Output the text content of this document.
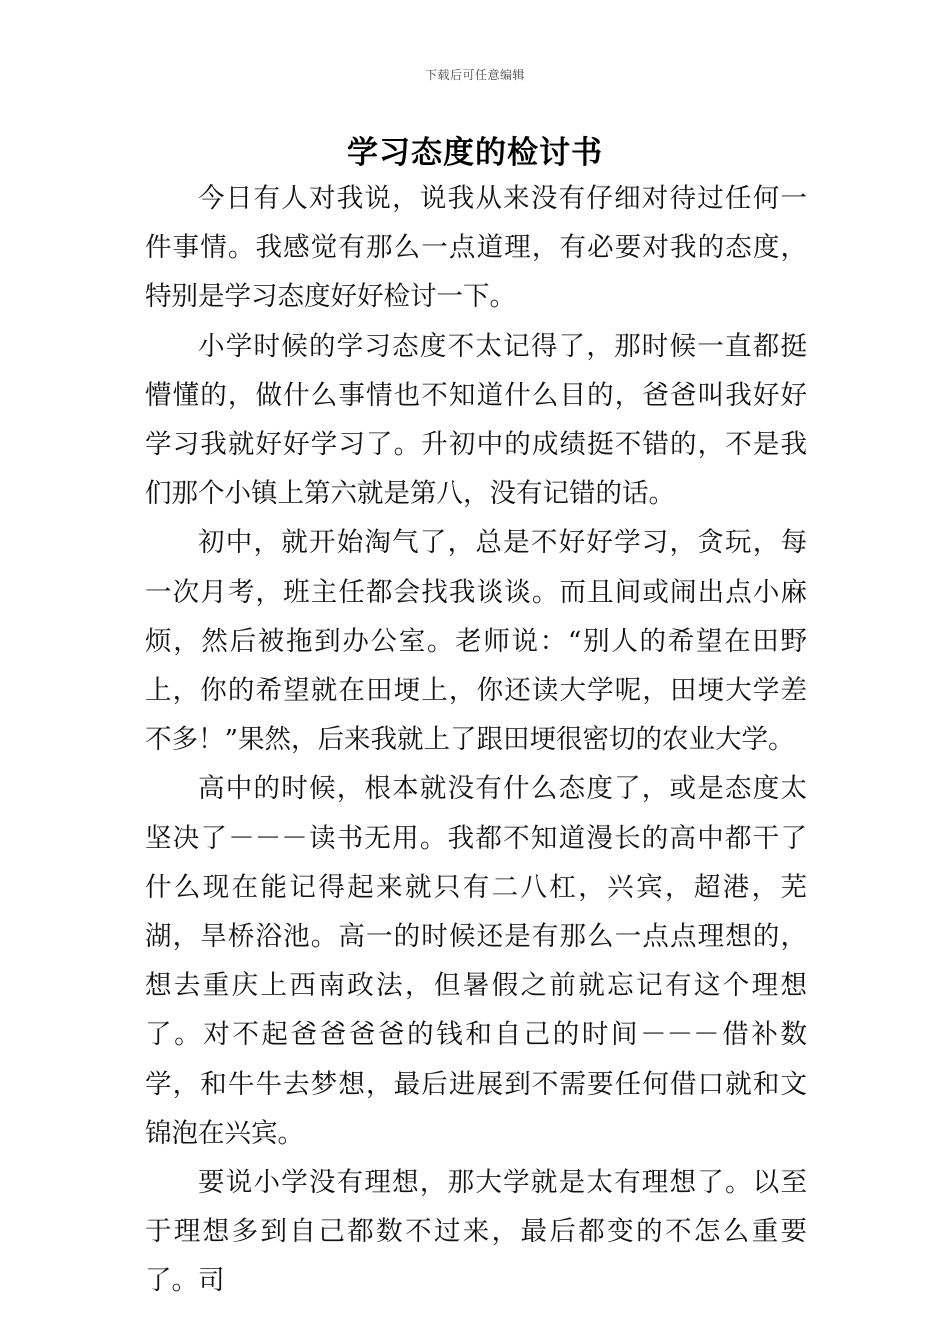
下载后可任意编辑
学习态度的检讨书

今日有人对我说，说我从来没有仔细对待过任何一件事情。我感觉有那么一点道理，有必要对我的态度，特别是学习态度好好检讨一下。

小学时候的学习态度不太记得了，那时候一直都挺懵懂的，做什么事情也不知道什么目的，爸爸叫我好好学习我就好好学习了。升初中的成绩挺不错的，不是我们那个小镇上第六就是第八，没有记错的话。

初中，就开始淘气了，总是不好好学习，贪玩，每一次月考，班主任都会找我谈谈。而且间或闹出点小麻烦，然后被拖到办公室。老师说：“别人的希望在田野上，你的希望就在田埂上，你还读大学呢，田埂大学差不多！”果然，后来我就上了跟田埂很密切的农业大学。

高中的时候，根本就没有什么态度了，或是态度太坚决了－－－读书无用。我都不知道漫长的高中都干了什么现在能记得起来就只有二八杠，兴宾，超港，芜湖，旱桥浴池。高一的时候还是有那么一点点理想的，想去重庆上西南政法，但暑假之前就忘记有这个理想了。对不起爸爸爸爸的钱和自己的时间－－－借补数学，和牛牛去梦想，最后进展到不需要任何借口就和文锦泡在兴宾。

要说小学没有理想，那大学就是太有理想了。以至于理想多到自己都数不过来，最后都变的不怎么重要了。司
